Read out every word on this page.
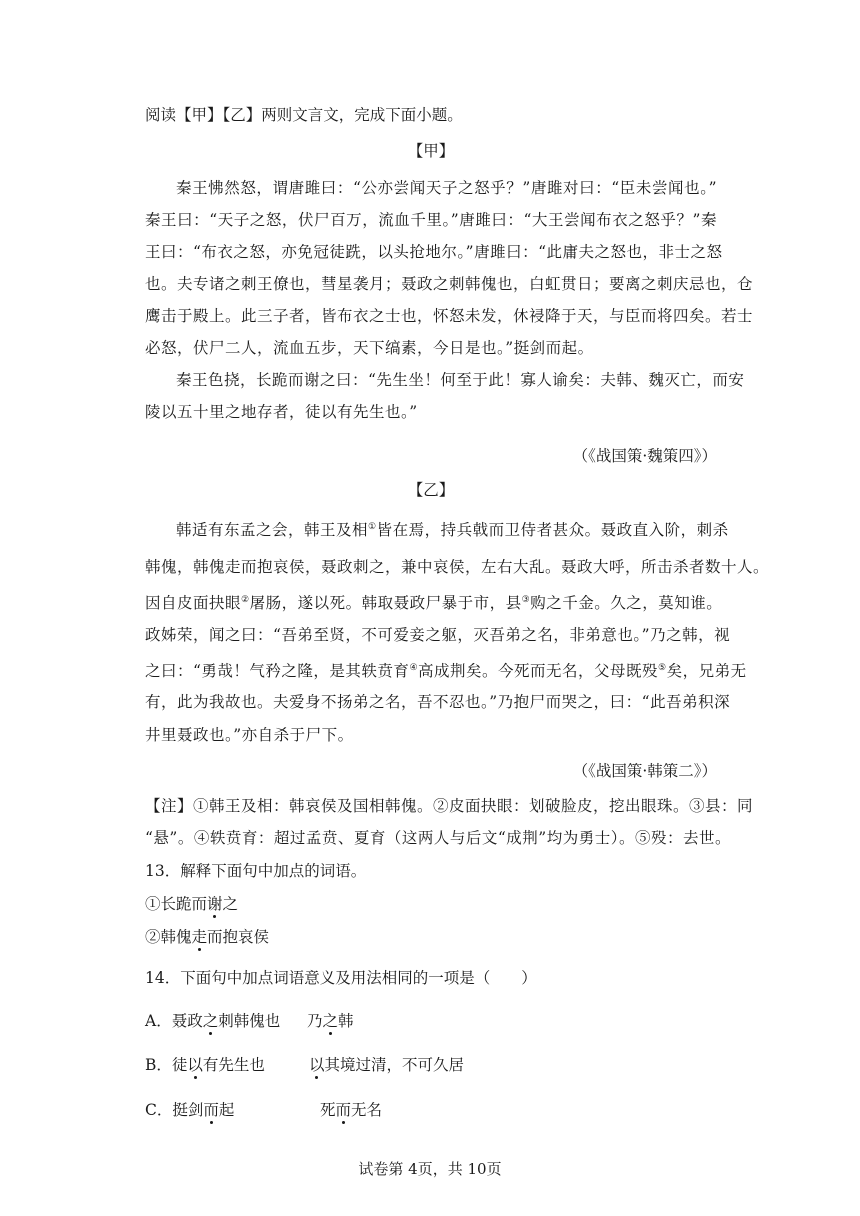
阅读【甲】【乙】两则文言文，完成下面小题。
【甲】
秦王怫然怒，谓唐雎曰：“公亦尝闻天子之怒乎？”唐雎对曰：“臣未尝闻也。”
秦王曰：“天子之怒，伏尸百万，流血千里。”唐雎曰：“大王尝闻布衣之怒乎？”秦
王曰：“布衣之怒，亦免冠徒跣，以头抢地尔。”唐雎曰：“此庸夫之怒也，非士之怒
也。夫专诸之刺王僚也，彗星袭月；聂政之刺韩傀也，白虹贯日；要离之刺庆忌也，仓
鹰击于殿上。此三子者，皆布衣之士也，怀怒未发，休祲降于天，与臣而将四矣。若士
必怒，伏尸二人，流血五步，天下缟素，今日是也。”挺剑而起。
秦王色挠，长跪而谢之曰：“先生坐！何至于此！寡人谕矣：夫韩、魏灭亡，而安
陵以五十里之地存者，徒以有先生也。”
（《战国策·魏策四》）
【乙】
韩适有东孟之会，韩王及相①皆在焉，持兵戟而卫侍者甚众。聂政直入阶，刺杀
韩傀，韩傀走而抱哀侯，聂政刺之，兼中哀侯，左右大乱。聂政大呼，所击杀者数十人。
因自皮面抉眼②屠肠，遂以死。韩取聂政尸暴于市，县③购之千金。久之，莫知谁。
政姊荣，闻之曰：“吾弟至贤，不可爱妾之躯，灭吾弟之名，非弟意也。”乃之韩，视
之曰：“勇哉！气矜之隆，是其轶贲育④高成荆矣。今死而无名，父母既殁⑤矣，兄弟无
有，此为我故也。夫爱身不扬弟之名，吾不忍也。”乃抱尸而哭之，曰：“此吾弟积深
井里聂政也。”亦自杀于尸下。
（《战国策·韩策二》）
【注】①韩王及相：韩哀侯及国相韩傀。②皮面抉眼：划破脸皮，挖出眼珠。③县：同
“悬”。④轶贲育：超过孟贲、夏育（这两人与后文“成荆”均为勇士）。⑤殁：去世。
13．解释下面句中加点的词语。
①长跪而谢之
②韩傀走而抱哀侯
14．下面句中加点词语意义及用法相同的一项是（　　）
A．聂政之刺韩傀也 乃之韩
B．徒以有先生也	以其境过清，不可久居
C．挺剑而起	死而无名
试卷第 4页，共 10页
